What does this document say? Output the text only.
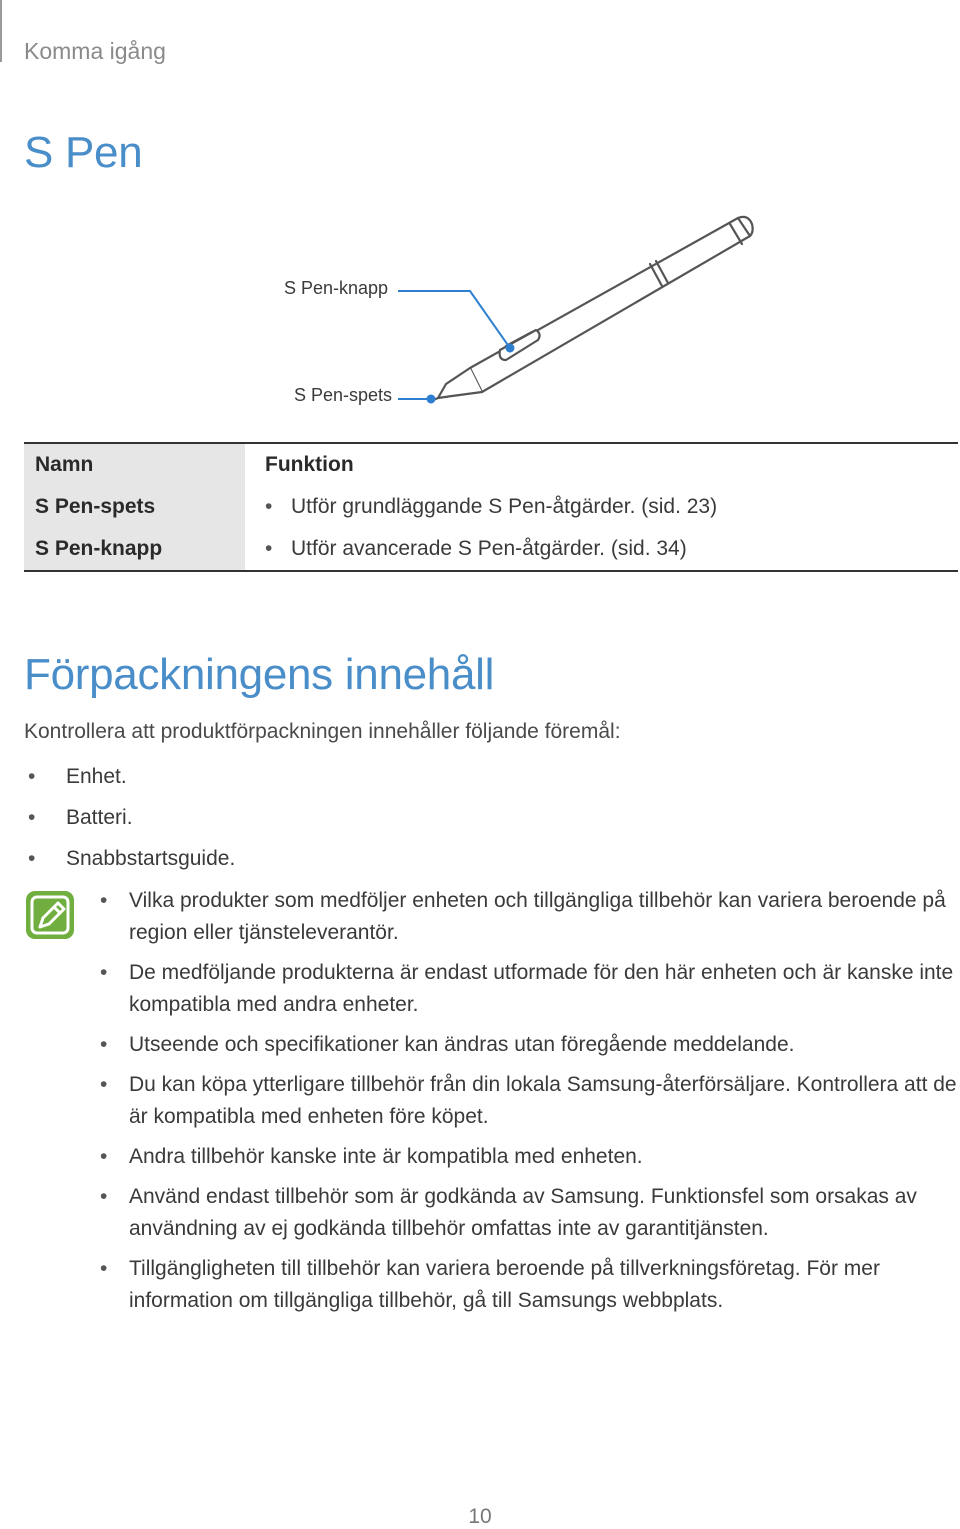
Komma igång
S Pen
S Pen-knapp
S Pen-spets
Namn	Funktion
S Pen-spets	• Utför grundläggande S Pen-åtgärder. (sid. 23)
S Pen-knapp	• Utför avancerade S Pen-åtgärder. (sid. 34)
Förpackningens innehåll
Kontrollera att produktförpackningen innehåller följande föremål:
• Enhet.
• Batteri.
• Snabbstartsguide.
• Vilka produkter som medföljer enheten och tillgängliga tillbehör kan variera beroende på region eller tjänsteleverantör.
• De medföljande produkterna är endast utformade för den här enheten och är kanske inte kompatibla med andra enheter.
• Utseende och specifikationer kan ändras utan föregående meddelande.
• Du kan köpa ytterligare tillbehör från din lokala Samsung-återförsäljare. Kontrollera att de är kompatibla med enheten före köpet.
• Andra tillbehör kanske inte är kompatibla med enheten.
• Använd endast tillbehör som är godkända av Samsung. Funktionsfel som orsakas av användning av ej godkända tillbehör omfattas inte av garantitjänsten.
• Tillgängligheten till tillbehör kan variera beroende på tillverkningsföretag. För mer information om tillgängliga tillbehör, gå till Samsungs webbplats.
10
